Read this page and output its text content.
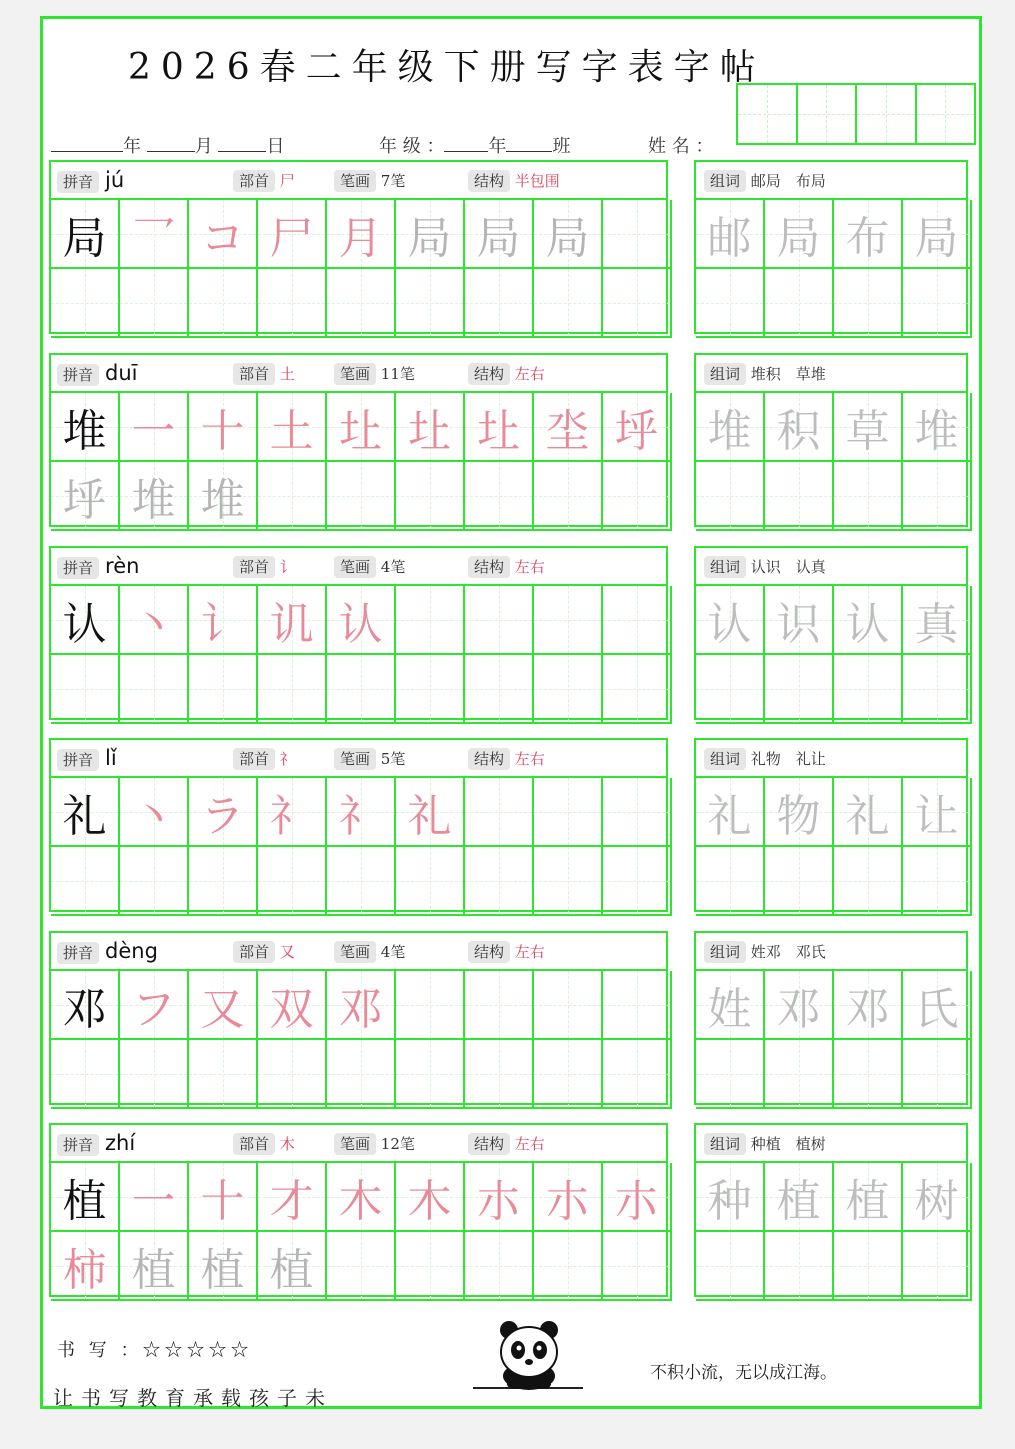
2026春二年级下册写字表字帖
年	月	日	年 级 ： 年	班	姓 名 ：
拼音 jú	部首 尸	笔画 7笔	结构 半包围
局 乛 コ 尸 月 局 局 局
组词 邮局　布局
邮 局 布 局
拼音 duī	部首 土	笔画 11笔	结构 左右
堆 一 十 土 圵 圵 圵 坔 垀
垀 堆 堆
组词 堆积　草堆
堆 积 草 堆
拼音 rèn	部首 讠	笔画 4笔	结构 左右
认 丶 讠 讥 认
组词 认识　认真
认 识 认 真
拼音 lǐ	部首 礻	笔画 5笔	结构 左右
礼 丶 ラ 礻 礻 礼
组词 礼物　礼让
礼 物 礼 让
拼音 dèng	部首 又	笔画 4笔	结构 左右
邓 フ 又 双 邓
组词 姓邓　邓氏
姓 邓 邓 氏
拼音 zhí	部首 木	笔画 12笔	结构 左右
植 一 十 才 木 木 朩 朩 朩
柿 植 植 植
组词 种植　植树
种 植 植 树
书 写 ：☆☆☆☆☆
让书写教育承载孩子未
不积小流，无以成江海。
